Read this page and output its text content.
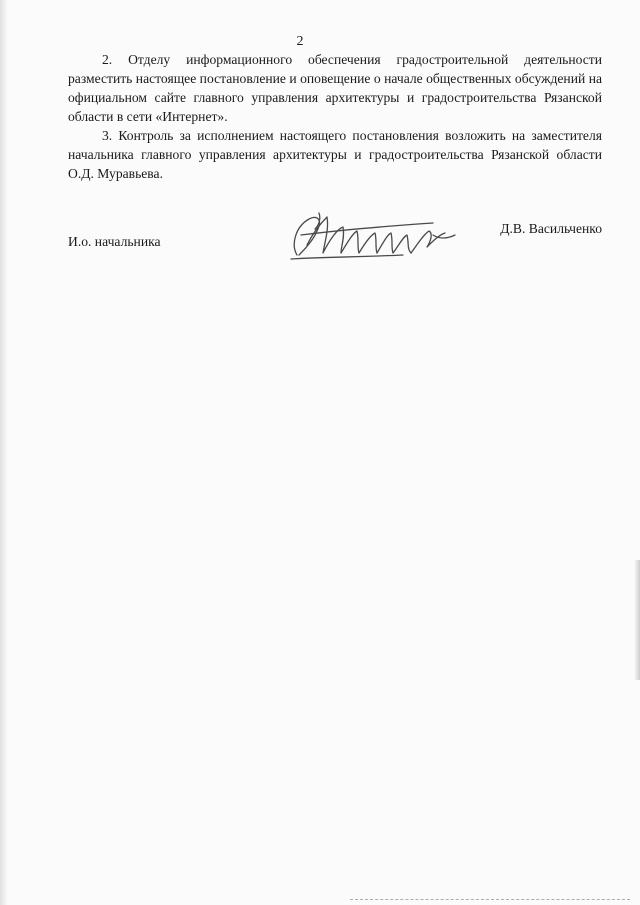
2

2. Отделу информационного обеспечения градостроительной деятельности разместить настоящее постановление и оповещение о начале общественных обсуждений на официальном сайте главного управления архитектуры и градостроительства Рязанской области в сети «Интернет».

3. Контроль за исполнением настоящего постановления возложить на заместителя начальника главного управления архитектуры и градостроительства Рязанской области О.Д. Муравьева.

И.о. начальника
Д.В. Васильченко
